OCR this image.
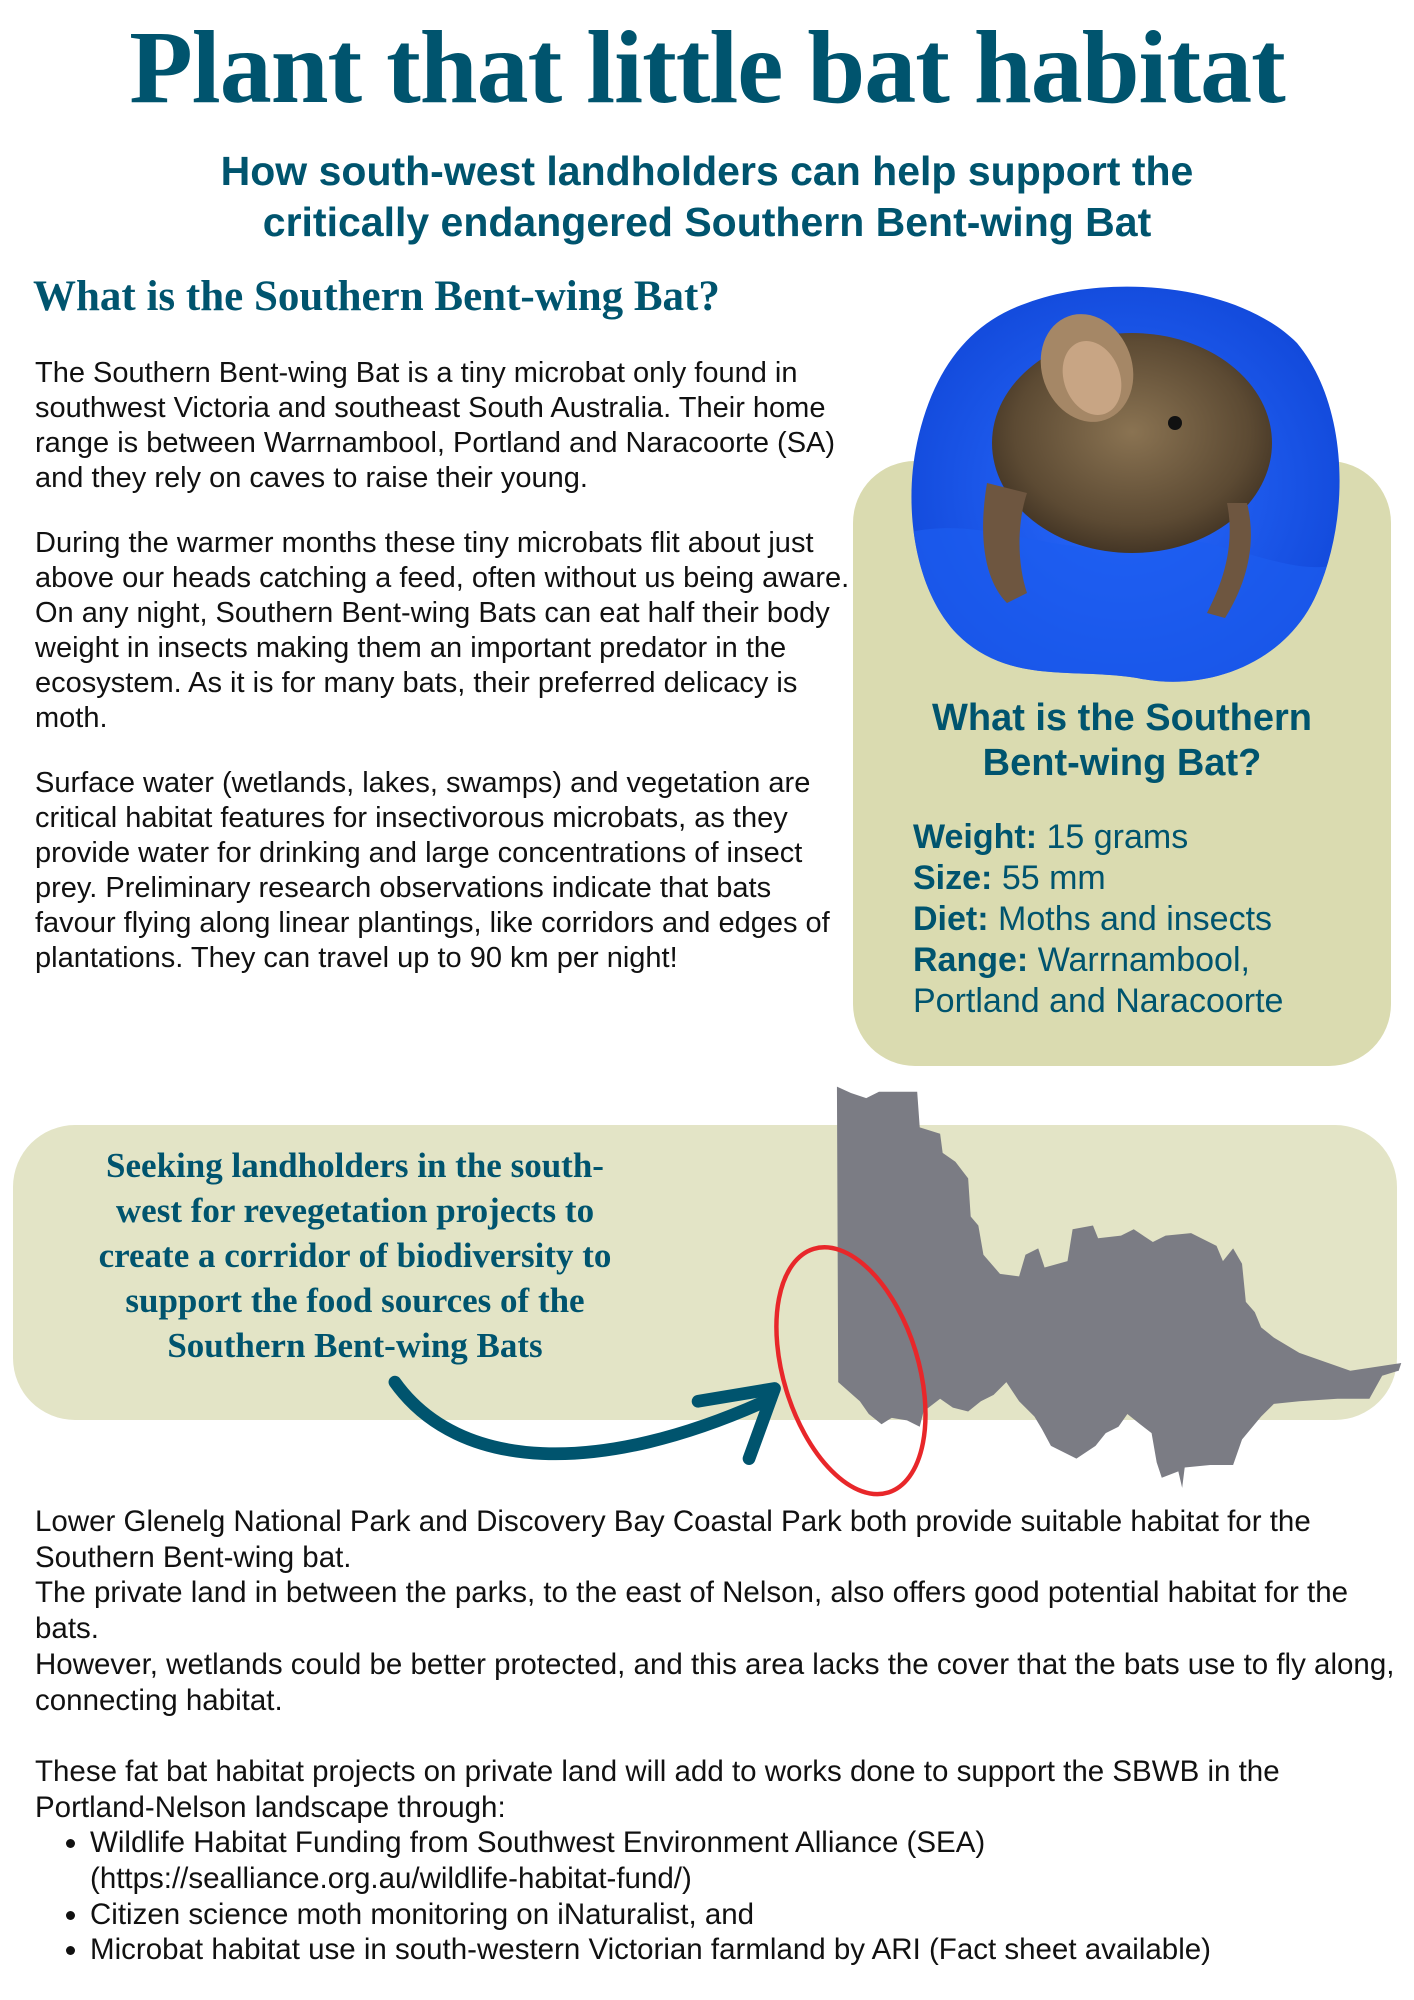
Plant that little bat habitat
How south-west landholders can help support the
critically endangered Southern Bent-wing Bat
What is the Southern Bent-wing Bat?

The Southern Bent-wing Bat is a tiny microbat only found in southwest Victoria and southeast South Australia. Their home range is between Warrnambool, Portland and Naracoorte (SA) and they rely on caves to raise their young.

During the warmer months these tiny microbats flit about just above our heads catching a feed, often without us being aware. On any night, Southern Bent-wing Bats can eat half their body weight in insects making them an important predator in the ecosystem. As it is for many bats, their preferred delicacy is moth.

Surface water (wetlands, lakes, swamps) and vegetation are critical habitat features for insectivorous microbats, as they provide water for drinking and large concentrations of insect prey. Preliminary research observations indicate that bats favour flying along linear plantings, like corridors and edges of plantations. They can travel up to 90 km per night!

What is the Southern
Bent-wing Bat?
Weight: 15 grams
Size: 55 mm
Diet: Moths and insects
Range: Warrnambool, Portland and Naracoorte
Seeking landholders in the south-
west for revegetation projects to
create a corridor of biodiversity to
support the food sources of the
Southern Bent-wing Bats

Lower Glenelg National Park and Discovery Bay Coastal Park both provide suitable habitat for the Southern Bent-wing bat.

The private land in between the parks, to the east of Nelson, also offers good potential habitat for the bats.

However, wetlands could be better protected, and this area lacks the cover that the bats use to fly along, connecting habitat.

These fat bat habitat projects on private land will add to works done to support the SBWB in the Portland-Nelson landscape through:

• Wildlife Habitat Funding from Southwest Environment Alliance (SEA) (https://sealliance.org.au/wildlife-habitat-fund/)
• Citizen science moth monitoring on iNaturalist, and
• Microbat habitat use in south-western Victorian farmland by ARI (Fact sheet available)
